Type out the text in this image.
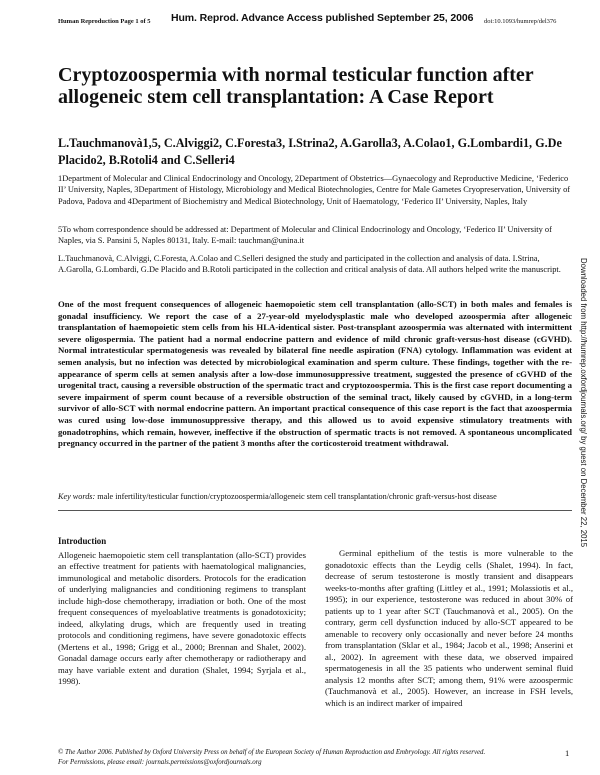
Human Reproduction Page 1 of 5 Hum. Reprod. Advance Access published September 25, 2006 doi:10.1093/humrep/del376
Downloaded from http://humrep.oxfordjournals.org/ by guest on December 22, 2015
Cryptozoospermia with normal testicular function after allogeneic stem cell transplantation: A Case Report
L.Tauchmanovà1,5, C.Alviggi2, C.Foresta3, I.Strina2, A.Garolla3, A.Colao1, G.Lombardi1, G.De Placido2, B.Rotoli4 and C.Selleri4
1Department of Molecular and Clinical Endocrinology and Oncology, 2Department of Obstetrics—Gynaecology and Reproductive Medicine, ‘Federico II’ University, Naples, 3Department of Histology, Microbiology and Medical Biotechnologies, Centre for Male Gametes Cryopreservation, University of Padova, Padova and 4Department of Biochemistry and Medical Biotechnology, Unit of Haematology, ‘Federico II’ University, Naples, Italy
5To whom correspondence should be addressed at: Department of Molecular and Clinical Endocrinology and Oncology, ‘Federico II’ University of Naples, via S. Pansini 5, Naples 80131, Italy. E-mail: tauchman@unina.it
L.Tauchmanovà, C.Alviggi, C.Foresta, A.Colao and C.Selleri designed the study and participated in the collection and analysis of data. I.Strina, A.Garolla, G.Lombardi, G.De Placido and B.Rotoli participated in the collection and critical analysis of data. All authors helped write the manuscript.
One of the most frequent consequences of allogeneic haemopoietic stem cell transplantation (allo-SCT) in both males and females is gonadal insufficiency. We report the case of a 27-year-old myelodysplastic male who developed azoospermia after allogeneic transplantation of haemopoietic stem cells from his HLA-identical sister. Post-transplant azoospermia was alternated with intermittent severe oligospermia. The patient had a normal endocrine pattern and evidence of mild chronic graft-versus-host disease (cGVHD). Normal intratesticular spermatogenesis was revealed by bilateral fine needle aspiration (FNA) cytology. Inflammation was evident at semen analysis, but no infection was detected by microbiological examination and sperm culture. These findings, together with the re-appearance of sperm cells at semen analysis after a low-dose immunosuppressive treatment, suggested the presence of cGVHD of the urogenital tract, causing a reversible obstruction of the spermatic tract and cryptozoospermia. This is the first case report documenting a severe impairment of sperm count because of a reversible obstruction of the seminal tract, likely caused by cGVHD, in a long-term survivor of allo-SCT with normal endocrine pattern. An important practical consequence of this case report is the fact that azoospermia was cured using low-dose immunosuppressive therapy, and this allowed us to avoid expensive stimulatory treatments with gonadotrophins, which remain, however, ineffective if the obstruction of spermatic tracts is not removed. A spontaneous uncomplicated pregnancy occurred in the partner of the patient 3 months after the corticosteroid treatment withdrawal.
Key words: male infertility/testicular function/cryptozoospermia/allogeneic stem cell transplantation/chronic graft-versus-host disease
Introduction
Allogeneic haemopoietic stem cell transplantation (allo-SCT) provides an effective treatment for patients with haematological malignancies, immunological and metabolic disorders. Protocols for the eradication of underlying malignancies and conditioning regimens to transplant include high-dose chemotherapy, irradiation or both. One of the most frequent consequences of myeloablative treatments is gonadotoxicity; indeed, alkylating drugs, which are frequently used in treating protocols and conditioning regimens, have severe gonadotoxic effects (Mertens et al., 1998; Grigg et al., 2000; Brennan and Shalet, 2002). Gonadal damage occurs early after chemotherapy or radiotherapy and may have variable extent and duration (Shalet, 1994; Syrjala et al., 1998).
Germinal epithelium of the testis is more vulnerable to the gonadotoxic effects than the Leydig cells (Shalet, 1994). In fact, decrease of serum testosterone is mostly transient and disappears weeks-to-months after grafting (Littley et al., 1991; Molassiotis et al., 1995); in our experience, testosterone was reduced in about 30% of patients up to 1 year after SCT (Tauchmanovà et al., 2005). On the contrary, germ cell dysfunction induced by allo-SCT appeared to be amenable to recovery only occasionally and never before 24 months from transplantation (Sklar et al., 1984; Jacob et al., 1998; Anserini et al., 2002). In agreement with these data, we observed impaired spermatogenesis in all the 35 patients who underwent seminal fluid analysis 12 months after SCT; among them, 91% were azoospermic (Tauchmanovà et al., 2005). However, an increase in FSH levels, which is an indirect marker of impaired
© The Author 2006. Published by Oxford University Press on behalf of the European Society of Human Reproduction and Embryology. All rights reserved.
For Permissions, please email: journals.permissions@oxfordjournals.org
1
